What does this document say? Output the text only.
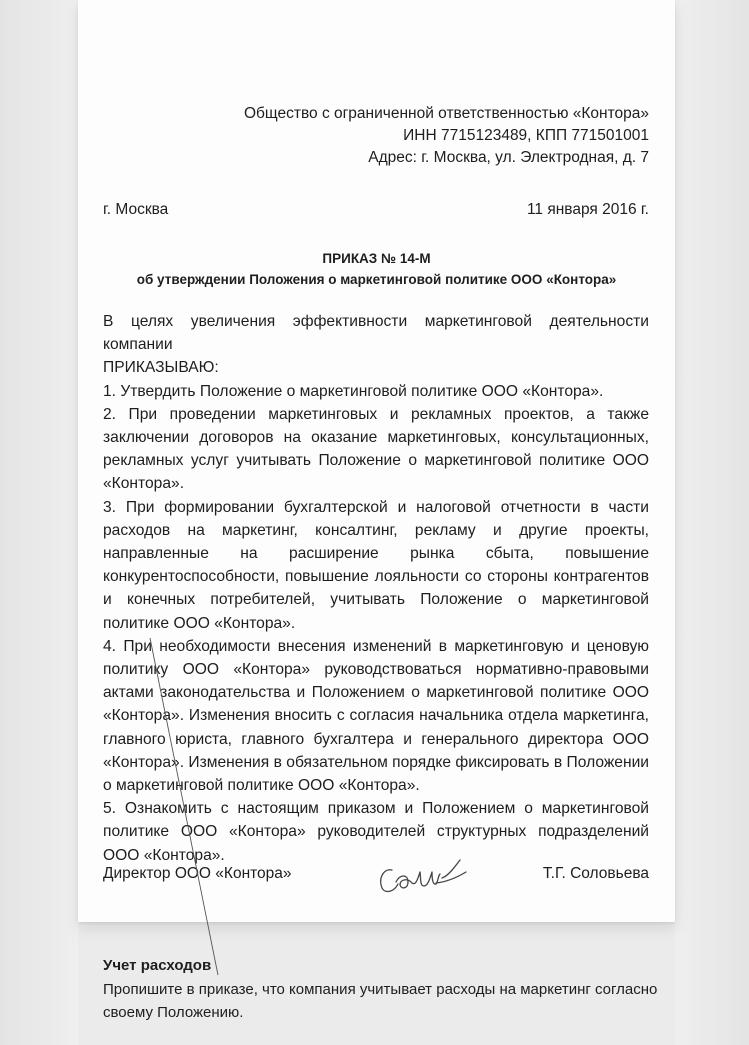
Общество с ограниченной ответственностью «Контора»
ИНН 7715123489, КПП 771501001
Адрес: г. Москва, ул. Электродная, д. 7
г. Москва	11 января 2016 г.
ПРИКАЗ № 14-М
об утверждении Положения о маркетинговой политике ООО «Контора»

В целях увеличения эффективности маркетинговой деятельности компании

ПРИКАЗЫВАЮ:

1. Утвердить Положение о маркетинговой политике ООО «Контора».

2. При проведении маркетинговых и рекламных проектов, а также заключении договоров на оказание маркетинговых, консультационных, рекламных услуг учитывать Положение о маркетинговой политике ООО «Контора».

3. При формировании бухгалтерской и налоговой отчетности в части расходов на маркетинг, консалтинг, рекламу и другие проекты, направленные на расширение рынка сбыта, повышение конкурентоспособности, повышение лояльности со стороны контрагентов и конечных потребителей, учитывать Положение о маркетинговой политике ООО «Контора».

4. При необходимости внесения изменений в маркетинговую и ценовую политику ООО «Контора» руководствоваться нормативно-правовыми актами законодательства и Положением о маркетинговой политике ООО «Контора». Изменения вносить с согласия начальника отдела маркетинга, главного юриста, главного бухгалтера и генерального директора ООО «Контора». Изменения в обязательном порядке фиксировать в Положении о маркетинговой политике ООО «Контора».

5. Ознакомить с настоящим приказом и Положением о маркетинговой политике ООО «Контора» руководителей структурных подразделений ООО «Контора».

Директор ООО «Контора»	Т.Г. Соловьева
Учет расходов
Пропишите в приказе, что компания учитывает расходы на маркетинг согласно своему Положению.
